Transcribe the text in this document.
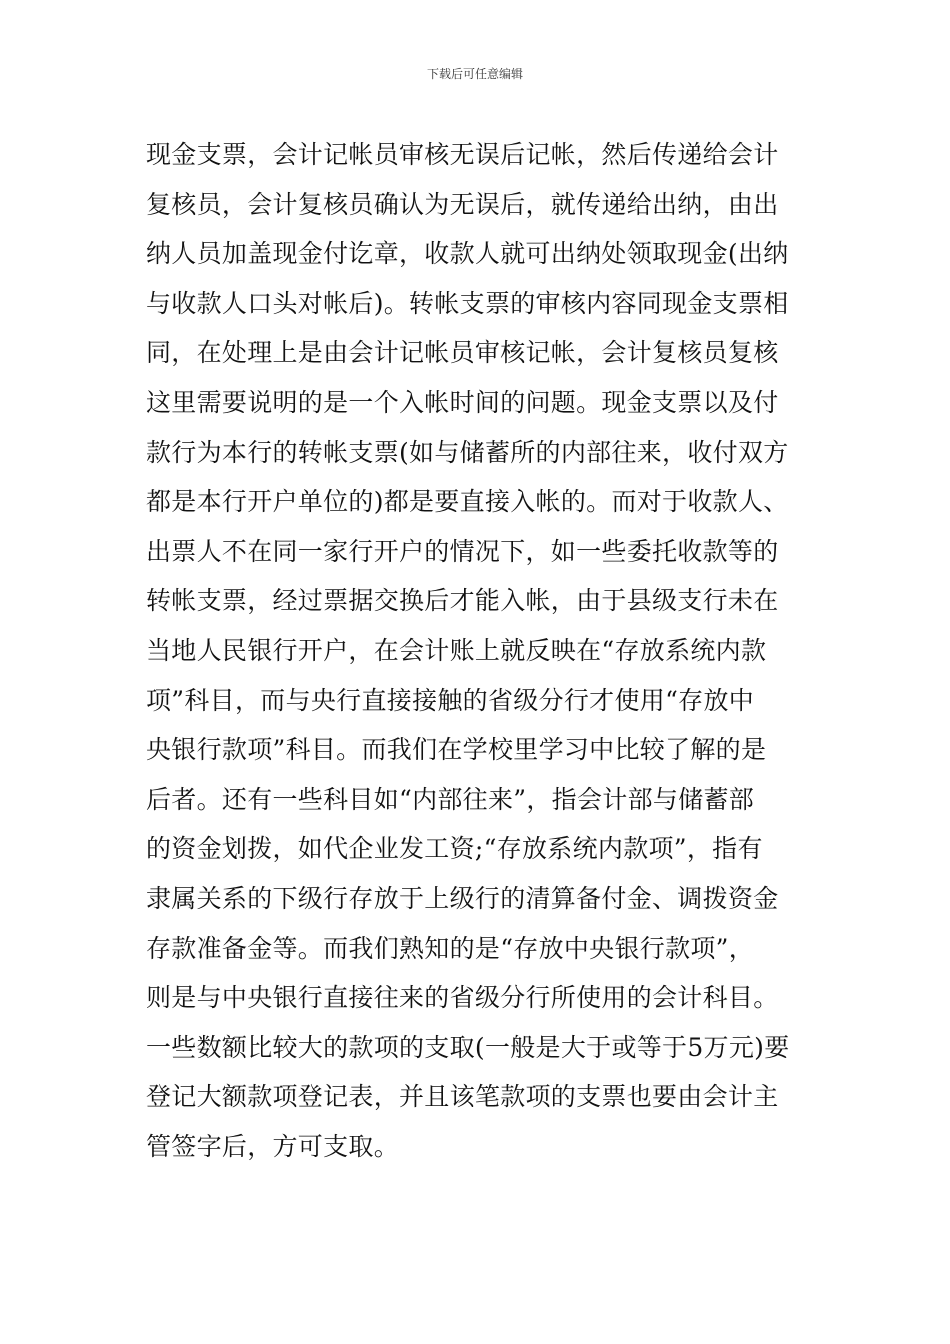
下载后可任意编辑
现金支票，会计记帐员审核无误后记帐，然后传递给会计
复核员，会计复核员确认为无误后，就传递给出纳，由出
纳人员加盖现金付讫章，收款人就可出纳处领取现金(出纳
与收款人口头对帐后)。转帐支票的审核内容同现金支票相
同，在处理上是由会计记帐员审核记帐，会计复核员复核
这里需要说明的是一个入帐时间的问题。现金支票以及付
款行为本行的转帐支票(如与储蓄所的内部往来，收付双方
都是本行开户单位的)都是要直接入帐的。而对于收款人、
出票人不在同一家行开户的情况下，如一些委托收款等的
转帐支票，经过票据交换后才能入帐，由于县级支行未在
当地人民银行开户，在会计账上就反映在“存放系统内款
项”科目，而与央行直接接触的省级分行才使用“存放中
央银行款项”科目。而我们在学校里学习中比较了解的是
后者。还有一些科目如“内部往来”，指会计部与储蓄部
的资金划拨，如代企业发工资;“存放系统内款项”，指有
隶属关系的下级行存放于上级行的清算备付金、调拨资金
存款准备金等。而我们熟知的是“存放中央银行款项”，
则是与中央银行直接往来的省级分行所使用的会计科目。
一些数额比较大的款项的支取(一般是大于或等于5万元)要
登记大额款项登记表，并且该笔款项的支票也要由会计主
管签字后，方可支取。
